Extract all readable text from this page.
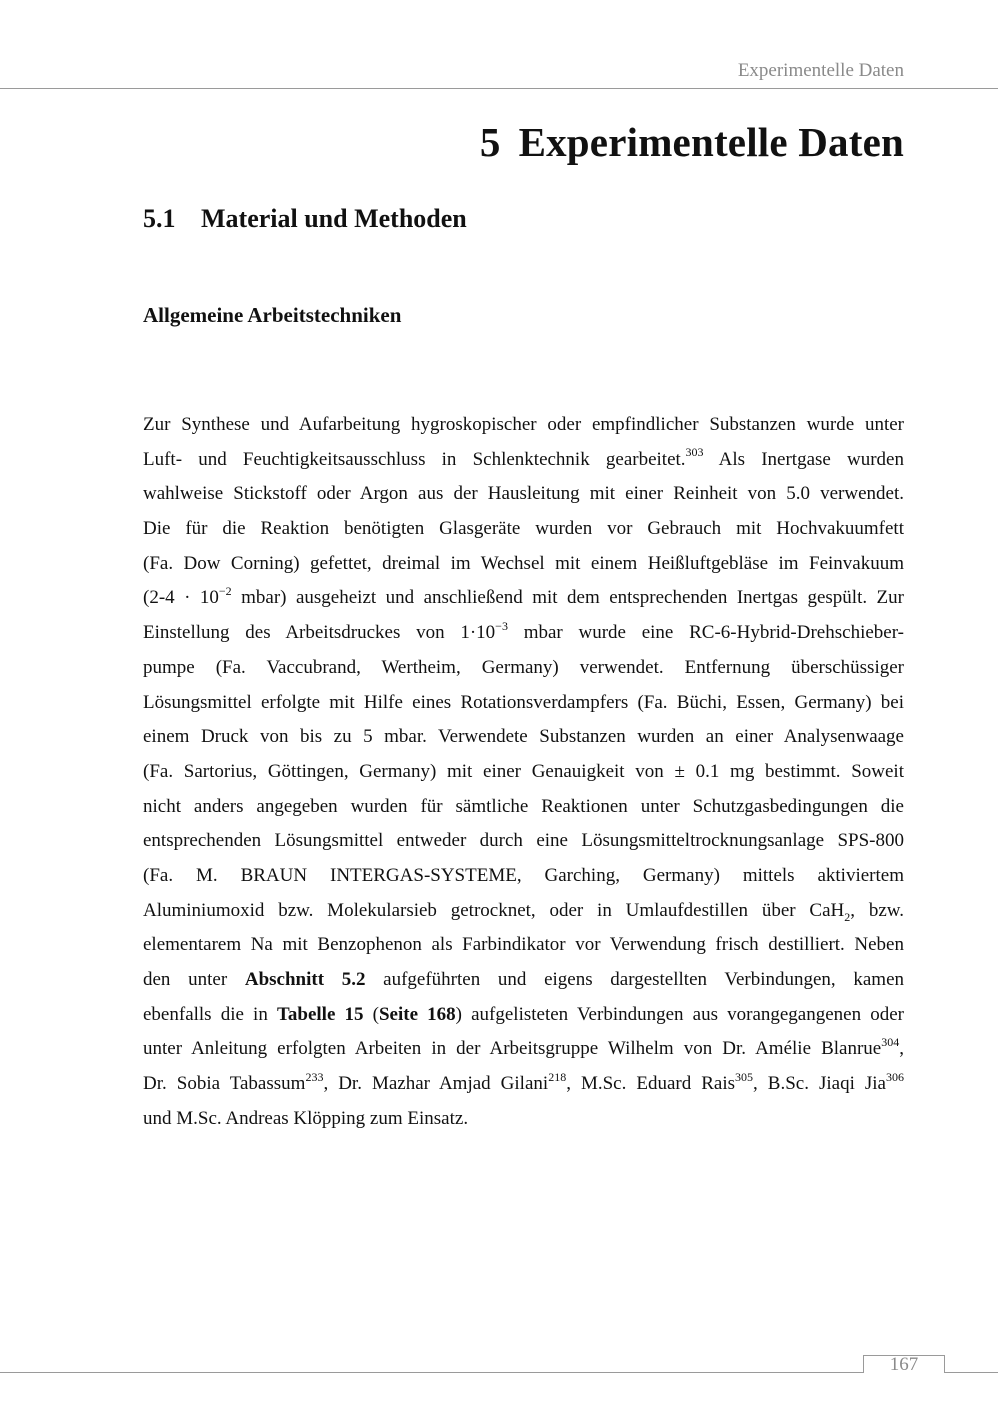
Experimentelle Daten
5 Experimentelle Daten
5.1 Material und Methoden
Allgemeine Arbeitstechniken
Zur Synthese und Aufarbeitung hygroskopischer oder empfindlicher Substanzen wurde unter
Luft- und Feuchtigkeitsausschluss in Schlenktechnik gearbeitet.$^{303}$ Als Inertgase wurden
wahlweise Stickstoff oder Argon aus der Hausleitung mit einer Reinheit von 5.0 verwendet.
Die für die Reaktion benötigten Glasgeräte wurden vor Gebrauch mit Hochvakuumfett
(Fa. Dow Corning) gefettet, dreimal im Wechsel mit einem Heißluftgebläse im Feinvakuum
($2-4 \cdot 10^{-2}$ mbar) ausgeheizt und anschließend mit dem entsprechenden Inertgas gespült. Zur
Einstellung des Arbeitsdruckes von $1\cdot 10^{-3}$ mbar wurde eine RC-6-Hybrid-Drehschieber-
pumpe (Fa. Vaccubrand, Wertheim, Germany) verwendet. Entfernung überschüssiger
Lösungsmittel erfolgte mit Hilfe eines Rotationsverdampfers (Fa. Büchi, Essen, Germany) bei
einem Druck von bis zu 5 mbar. Verwendete Substanzen wurden an einer Analysenwaage
(Fa. Sartorius, Göttingen, Germany) mit einer Genauigkeit von ± 0.1 mg bestimmt. Soweit
nicht anders angegeben wurden für sämtliche Reaktionen unter Schutzgasbedingungen die
entsprechenden Lösungsmittel entweder durch eine Lösungsmitteltrocknungsanlage SPS-800
(Fa. M. BRAUN INTERGAS-SYSTEME, Garching, Germany) mittels aktiviertem
Aluminiumoxid bzw. Molekularsieb getrocknet, oder in Umlaufdestillen über CaH$_2$, bzw.
elementarem Na mit Benzophenon als Farbindikator vor Verwendung frisch destilliert. Neben
den unter Abschnitt 5.2 aufgeführten und eigens dargestellten Verbindungen, kamen
ebenfalls die in Tabelle 15 (Seite 168) aufgelisteten Verbindungen aus vorangegangenen oder
unter Anleitung erfolgten Arbeiten in der Arbeitsgruppe Wilhelm von Dr. Amélie Blanrue$^{304}$,
Dr. Sobia Tabassum$^{233}$, Dr. Mazhar Amjad Gilani$^{218}$, M.Sc. Eduard Rais$^{305}$, B.Sc. Jiaqi Jia$^{306}$
und M.Sc. Andreas Klöpping zum Einsatz.
167
